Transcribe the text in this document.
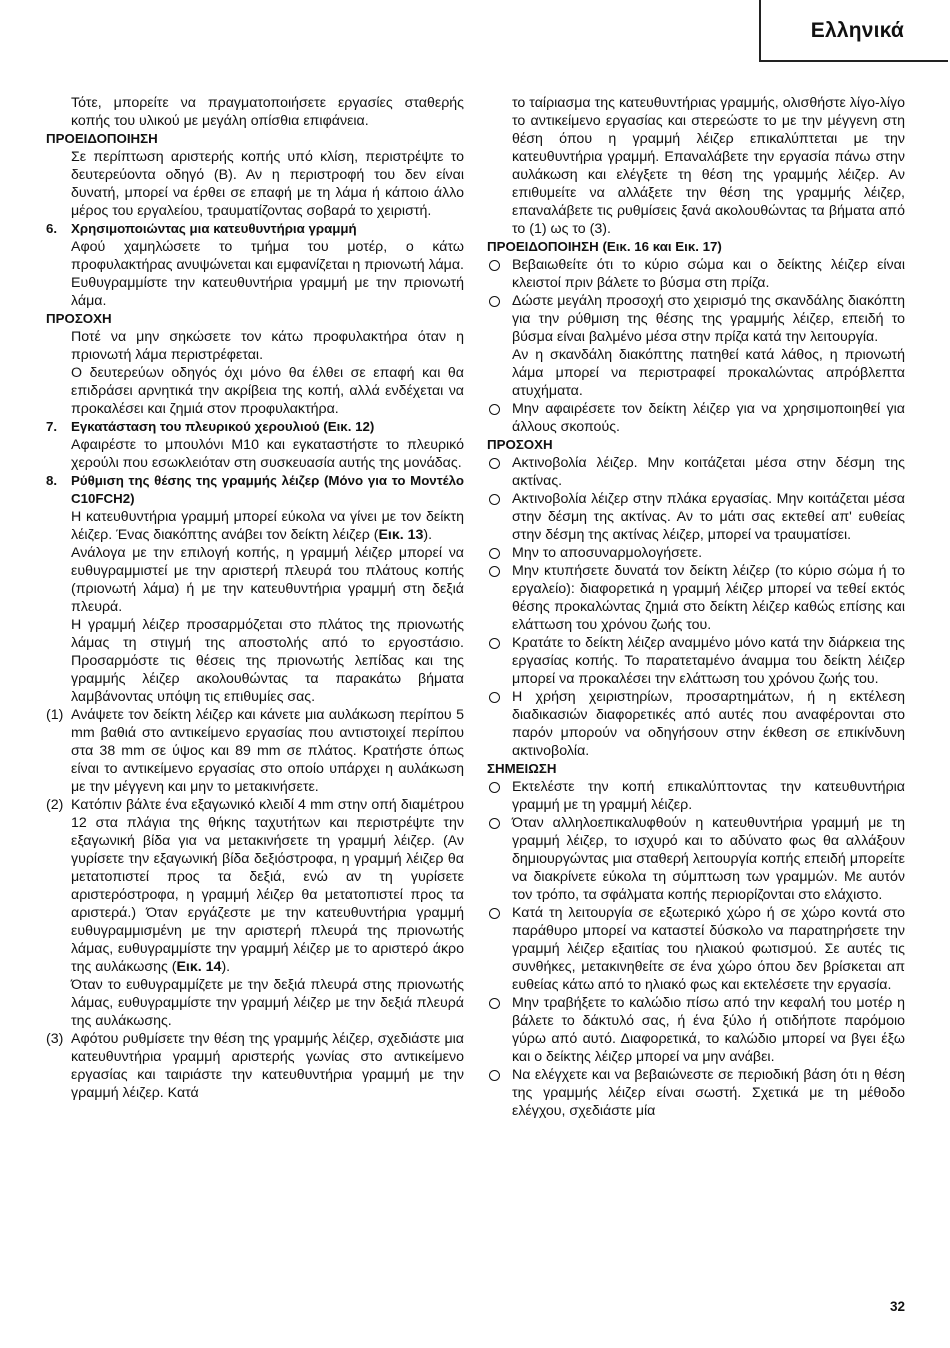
Ελληνικά

Τότε, μπορείτε να πραγματοποιήσετε εργασίες σταθερής κοπής του υλικού με μεγάλη οπίσθια επιφάνεια.

ΠΡΟΕΙΔΟΠΟΙΗΣΗ

Σε περίπτωση αριστερής κοπής υπό κλίση, περιστρέψτε το δευτερεύοντα οδηγό (B). Αν η περιστροφή του δεν είναι δυνατή, μπορεί να έρθει σε επαφή με τη λάμα ή κάποιο άλλο μέρος του εργαλείου, τραυματίζοντας σοβαρά το χειριστή.

6. Χρησιμοποιώντας μια κατευθυντήρια γραμμή

Αφού χαμηλώσετε το τμήμα του μοτέρ, ο κάτω προφυλακτήρας ανυψώνεται και εμφανίζεται η πριονωτή λάμα.

Ευθυγραμμίστε την κατευθυντήρια γραμμή με την πριονωτή λάμα.

ΠΡΟΣΟΧΗ

Ποτέ να μην σηκώσετε τον κάτω προφυλακτήρα όταν η πριονωτή λάμα περιστρέφεται.

Ο δευτερεύων οδηγός όχι μόνο θα έλθει σε επαφή και θα επιδράσει αρνητικά την ακρίβεια της κοπή, αλλά ενδέχεται να προκαλέσει και ζημιά στον προφυλακτήρα.

7. Εγκατάσταση του πλευρικού χερουλιού (Εικ. 12)

Αφαιρέστε το μπουλόνι M10 και εγκαταστήστε το πλευρικό χερούλι που εσωκλειόταν στη συσκευασία αυτής της μονάδας.

8. Ρύθμιση της θέσης της γραμμής λέιζερ (Μόνο για το Μοντέλο C10FCH2)

Η κατευθυντήρια γραμμή μπορεί εύκολα να γίνει με τον δείκτη λέιζερ. Ένας διακόπτης ανάβει τον δείκτη λέιζερ (Εικ. 13).

Ανάλογα με την επιλογή κοπής, η γραμμή λέιζερ μπορεί να ευθυγραμμιστεί με την αριστερή πλευρά του πλάτους κοπής (πριονωτή λάμα) ή με την κατευθυντήρια γραμμή στη δεξιά πλευρά.

Η γραμμή λέιζερ προσαρμόζεται στο πλάτος της πριονωτής λάμας τη στιγμή της αποστολής από το εργοστάσιο. Προσαρμόστε τις θέσεις της πριονωτής λεπίδας και της γραμμής λέιζερ ακολουθώντας τα παρακάτω βήματα λαμβάνοντας υπόψη τις επιθυμίες σας.

(1) Ανάψετε τον δείκτη λέιζερ και κάνετε μια αυλάκωση περίπου 5 mm βαθιά στο αντικείμενο εργασίας που αντιστοιχεί περίπου στα 38 mm σε ύψος και 89 mm σε πλάτος. Κρατήστε όπως είναι το αντικείμενο εργασίας στο οποίο υπάρχει η αυλάκωση με την μέγγενη και μην το μετακινήσετε.

(2) Κατόπιν βάλτε ένα εξαγωνικό κλειδί 4 mm στην οπή διαμέτρου 12 στα πλάγια της θήκης ταχυτήτων και περιστρέψτε την εξαγωνική βίδα για να μετακινήσετε τη γραμμή λέιζερ. (Αν γυρίσετε την εξαγωνική βίδα δεξιόστροφα, η γραμμή λέιζερ θα μετατοπιστεί προς τα δεξιά, ενώ αν τη γυρίσετε αριστερόστροφα, η γραμμή λέιζερ θα μετατοπιστεί προς τα αριστερά.) Όταν εργάζεστε με την κατευθυντήρια γραμμή ευθυγραμμισμένη με την αριστερή πλευρά της πριονωτής λάμας, ευθυγραμμίστε την γραμμή λέιζερ με το αριστερό άκρο της αυλάκωσης (Εικ. 14).

Όταν το ευθυγραμμίζετε με την δεξιά πλευρά στης πριονωτής λάμας, ευθυγραμμίστε την γραμμή λέιζερ με την δεξιά πλευρά της αυλάκωσης.

(3) Αφότου ρυθμίσετε την θέση της γραμμής λέιζερ, σχεδιάστε μια κατευθυντήρια γραμμή αριστερής γωνίας στο αντικείμενο εργασίας και ταιριάστε την κατευθυντήρια γραμμή με την γραμμή λέιζερ. Κατά

το ταίριασμα της κατευθυντήριας γραμμής, ολισθήστε λίγο-λίγο το αντικείμενο εργασίας και στερεώστε το με την μέγγενη στη θέση όπου η γραμμή λέιζερ επικαλύπτεται με την κατευθυντήρια γραμμή. Επαναλάβετε την εργασία πάνω στην αυλάκωση και ελέγξετε τη θέση της γραμμής λέιζερ. Αν επιθυμείτε να αλλάξετε την θέση της γραμμής λέιζερ, επαναλάβετε τις ρυθμίσεις ξανά ακολουθώντας τα βήματα από το (1) ως το (3).

ΠΡΟΕΙΔΟΠΟΙΗΣΗ (Εικ. 16 και Εικ. 17)

Βεβαιωθείτε ότι το κύριο σώμα και ο δείκτης λέιζερ είναι κλειστοί πριν βάλετε το βύσμα στη πρίζα.

Δώστε μεγάλη προσοχή στο χειρισμό της σκανδάλης διακόπτη για την ρύθμιση της θέσης της γραμμής λέιζερ, επειδή το βύσμα είναι βαλμένο μέσα στην πρίζα κατά την λειτουργία.

Αν η σκανδάλη διακόπτης πατηθεί κατά λάθος, η πριονωτή λάμα μπορεί να περιστραφεί προκαλώντας απρόβλεπτα ατυχήματα.

Μην αφαιρέσετε τον δείκτη λέιζερ για να χρησιμοποιηθεί για άλλους σκοπούς.

ΠΡΟΣΟΧΗ

Ακτινοβολία λέιζερ. Μην κοιτάζεται μέσα στην δέσμη της ακτίνας.

Ακτινοβολία λέιζερ στην πλάκα εργασίας. Μην κοιτάζεται μέσα στην δέσμη της ακτίνας. Αν το μάτι σας εκτεθεί απ' ευθείας στην δέσμη της ακτίνας λέιζερ, μπορεί να τραυματίσει.

Μην το αποσυναρμολογήσετε.

Μην κτυπήσετε δυνατά τον δείκτη λέιζερ (το κύριο σώμα ή το εργαλείο): διαφορετικά η γραμμή λέιζερ μπορεί να τεθεί εκτός θέσης προκαλώντας ζημιά στο δείκτη λέιζερ καθώς επίσης και ελάττωση του χρόνου ζωής του.

Κρατάτε το δείκτη λέιζερ αναμμένο μόνο κατά την διάρκεια της εργασίας κοπής. Το παρατεταμένο άναμμα του δείκτη λέιζερ μπορεί να προκαλέσει την ελάττωση του χρόνου ζωής του.

Η χρήση χειριστηρίων, προσαρτημάτων, ή η εκτέλεση διαδικασιών διαφορετικές από αυτές που αναφέρονται στο παρόν μπορούν να οδηγήσουν στην έκθεση σε επικίνδυνη ακτινοβολία.

ΣΗΜΕΙΩΣΗ

Εκτελέστε την κοπή επικαλύπτοντας την κατευθυντήρια γραμμή με τη γραμμή λέιζερ.

Όταν αλληλοεπικαλυφθούν η κατευθυντήρια γραμμή με τη γραμμή λέιζερ, το ισχυρό και το αδύνατο φως θα αλλάξουν δημιουργώντας μια σταθερή λειτουργία κοπής επειδή μπορείτε να διακρίνετε εύκολα τη σύμπτωση των γραμμών. Με αυτόν τον τρόπο, τα σφάλματα κοπής περιορίζονται στο ελάχιστο.

Κατά τη λειτουργία σε εξωτερικό χώρο ή σε χώρο κοντά στο παράθυρο μπορεί να καταστεί δύσκολο να παρατηρήσετε την γραμμή λέιζερ εξαιτίας του ηλιακού φωτισμού. Σε αυτές τις συνθήκες, μετακινηθείτε σε ένα χώρο όπου δεν βρίσκεται απ ευθείας κάτω από το ηλιακό φως και εκτελέσετε την εργασία.

Μην τραβήξετε το καλώδιο πίσω από την κεφαλή του μοτέρ η βάλετε το δάκτυλό σας, ή ένα ξύλο ή οτιδήποτε παρόμοιο γύρω από αυτό. Διαφορετικά, το καλώδιο μπορεί να βγει έξω και ο δείκτης λέιζερ μπορεί να μην ανάβει.

Να ελέγχετε και να βεβαιώνεστε σε περιοδική βάση ότι η θέση της γραμμής λέιζερ είναι σωστή. Σχετικά με τη μέθοδο ελέγχου, σχεδιάστε μία

32
